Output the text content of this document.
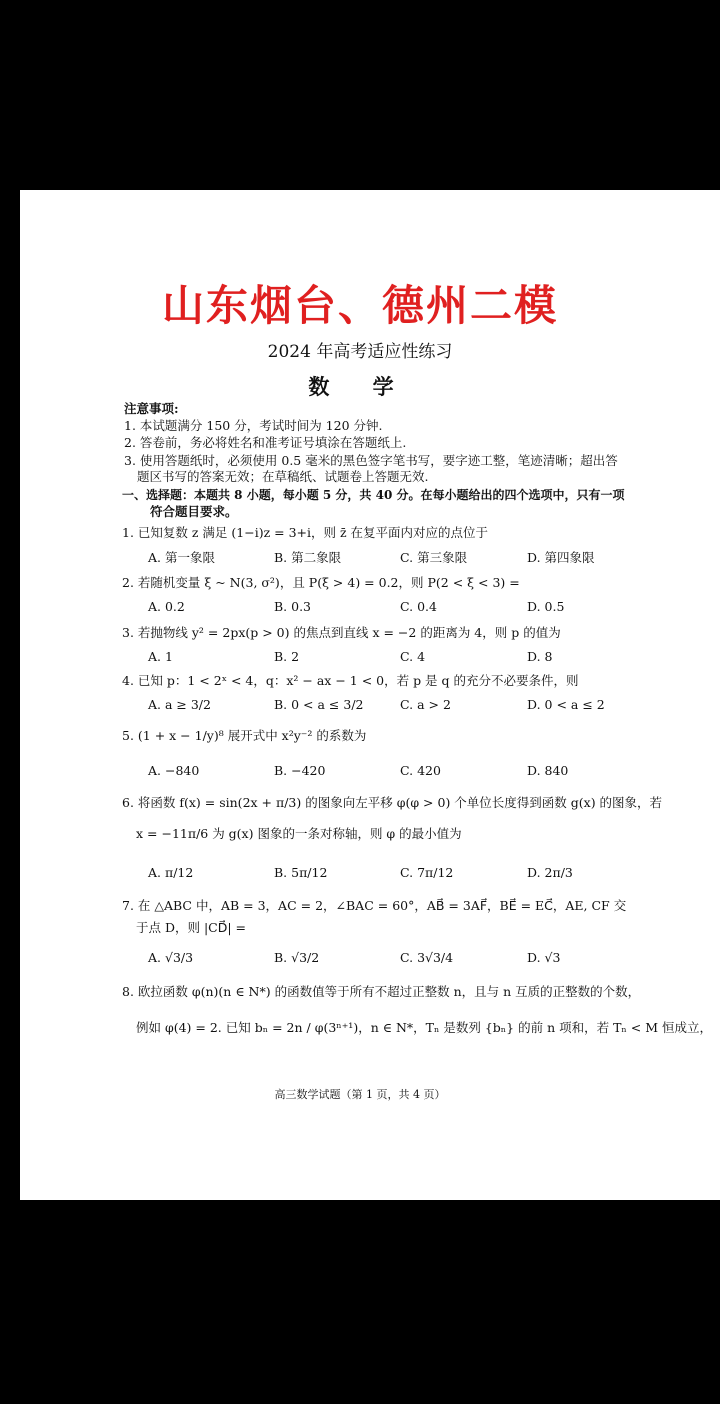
山东烟台、德州二模
2024 年高考适应性练习
数 学
注意事项:
1. 本试题满分 150 分，考试时间为 120 分钟.
2. 答卷前，务必将姓名和准考证号填涂在答题纸上.
3. 使用答题纸时，必须使用 0.5 毫米的黑色签字笔书写，要字迹工整，笔迹清晰；超出答
题区书写的答案无效；在草稿纸、试题卷上答题无效.
一、选择题：本题共 8 小题，每小题 5 分，共 40 分。在每小题给出的四个选项中，只有一项
符合题目要求。
1. 已知复数 z 满足 (1−i)z = 3+i，则 z̄ 在复平面内对应的点位于
A. 第一象限	B. 第二象限	C. 第三象限	D. 第四象限
2. 若随机变量 ξ ~ N(3, σ²)，且 P(ξ > 4) = 0.2，则 P(2 < ξ < 3) =
A. 0.2	B. 0.3	C. 0.4	D. 0.5
3. 若抛物线 y² = 2px(p > 0) 的焦点到直线 x = −2 的距离为 4，则 p 的值为
A. 1	B. 2	C. 4	D. 8
4. 已知 p：1 < 2ˣ < 4，q：x² − ax − 1 < 0，若 p 是 q 的充分不必要条件，则
A. a ≥ 3/2	B. 0 < a ≤ 3/2	C. a > 2	D. 0 < a ≤ 2
5. (1 + x − 1/y)⁸ 展开式中 x²y⁻² 的系数为
A. −840	B. −420	C. 420	D. 840
6. 将函数 f(x) = sin(2x + π/3) 的图象向左平移 φ(φ > 0) 个单位长度得到函数 g(x) 的图象，若
x = −11π/6 为 g(x) 图象的一条对称轴，则 φ 的最小值为
A. π/12	B. 5π/12	C. 7π/12	D. 2π/3
7. 在 △ABC 中，AB = 3，AC = 2，∠BAC = 60°，AB⃗ = 3AF⃗，BE⃗ = EC⃗，AE, CF 交
于点 D，则 |CD⃗| =
A. √3/3	B. √3/2	C. 3√3/4	D. √3
8. 欧拉函数 φ(n)(n ∈ N*) 的函数值等于所有不超过正整数 n，且与 n 互质的正整数的个数，
例如 φ(4) = 2. 已知 bₙ = 2n / φ(3ⁿ⁺¹)，n ∈ N*，Tₙ 是数列 {bₙ} 的前 n 项和，若 Tₙ < M 恒成立，
高三数学试题（第 1 页，共 4 页）
